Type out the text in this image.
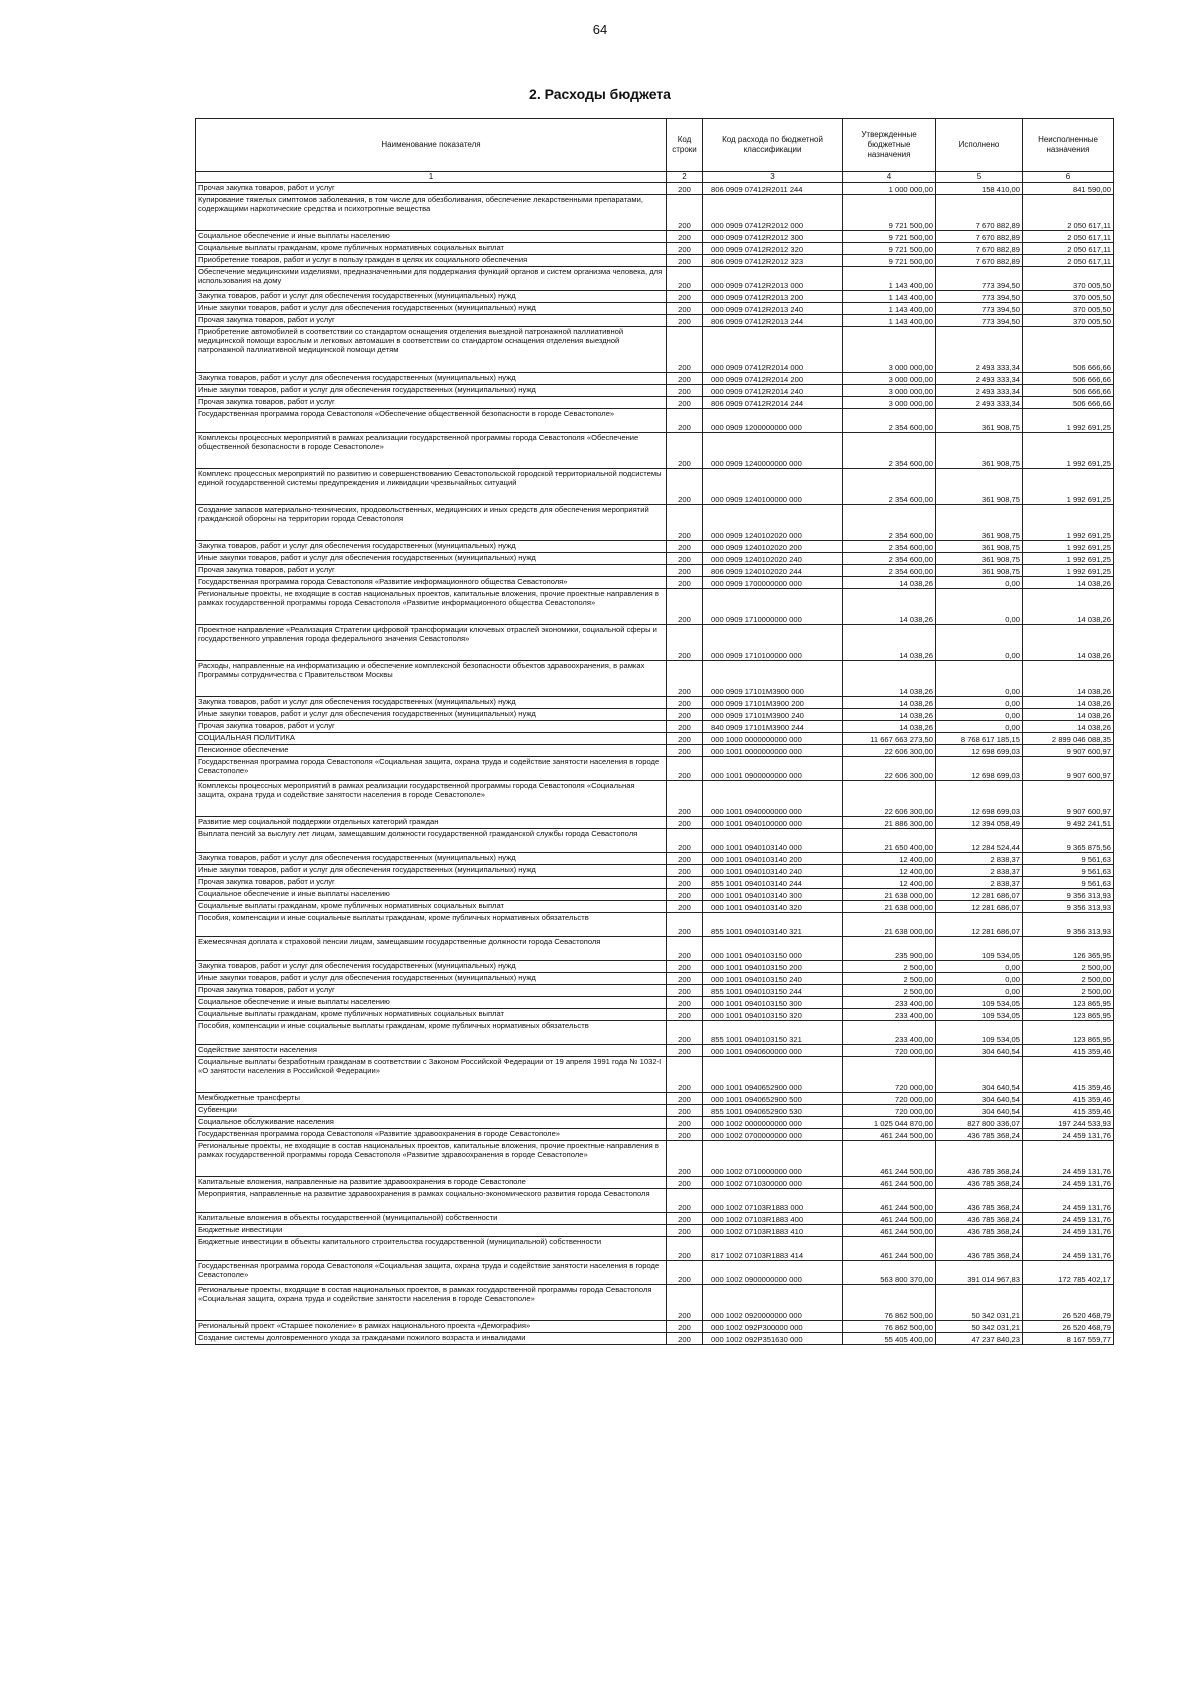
64
2. Расходы бюджета
Наименование показателя	Код строки	Код расхода по бюджетной классификации	Утвержденные бюджетные назначения	Исполнено	Неисполненные назначения
1	2	3	4	5	6
Прочая закупка товаров, работ и услуг	200	806 0909 07412R2011 244	1 000 000,00	158 410,00	841 590,00
Купирование тяжелых симптомов заболевания, в том числе для обезболивания, обеспечение лекарственными препаратами, содержащими наркотические средства и психотропные вещества	200	000 0909 07412R2012 000	9 721 500,00	7 670 882,89	2 050 617,11
Социальное обеспечение и иные выплаты населению	200	000 0909 07412R2012 300	9 721 500,00	7 670 882,89	2 050 617,11
Социальные выплаты гражданам, кроме публичных нормативных социальных выплат	200	000 0909 07412R2012 320	9 721 500,00	7 670 882,89	2 050 617,11
Приобретение товаров, работ и услуг в пользу граждан в целях их социального обеспечения	200	806 0909 07412R2012 323	9 721 500,00	7 670 882,89	2 050 617,11
Обеспечение медицинскими изделиями, предназначенными для поддержания функций органов и систем организма человека, для использования на дому	200	000 0909 07412R2013 000	1 143 400,00	773 394,50	370 005,50
Закупка товаров, работ и услуг для обеспечения государственных (муниципальных) нужд	200	000 0909 07412R2013 200	1 143 400,00	773 394,50	370 005,50
Иные закупки товаров, работ и услуг для обеспечения государственных (муниципальных) нужд	200	000 0909 07412R2013 240	1 143 400,00	773 394,50	370 005,50
Прочая закупка товаров, работ и услуг	200	806 0909 07412R2013 244	1 143 400,00	773 394,50	370 005,50
Приобретение автомобилей в соответствии со стандартом оснащения отделения выездной патронажной паллиативной медицинской помощи взрослым и легковых автомашин в соответствии со стандартом оснащения отделения выездной патронажной паллиативной медицинской помощи детям	200	000 0909 07412R2014 000	3 000 000,00	2 493 333,34	506 666,66
Закупка товаров, работ и услуг для обеспечения государственных (муниципальных) нужд	200	000 0909 07412R2014 200	3 000 000,00	2 493 333,34	506 666,66
Иные закупки товаров, работ и услуг для обеспечения государственных (муниципальных) нужд	200	000 0909 07412R2014 240	3 000 000,00	2 493 333,34	506 666,66
Прочая закупка товаров, работ и услуг	200	806 0909 07412R2014 244	3 000 000,00	2 493 333,34	506 666,66
Государственная программа города Севастополя «Обеспечение общественной безопасности в городе Севастополе»	200	000 0909 1200000000 000	2 354 600,00	361 908,75	1 992 691,25
Комплексы процессных мероприятий в рамках реализации государственной программы города Севастополя «Обеспечение общественной безопасности в городе Севастополе»	200	000 0909 1240000000 000	2 354 600,00	361 908,75	1 992 691,25
Комплекс процессных мероприятий по развитию и совершенствованию Севастопольской городской территориальной подсистемы единой государственной системы предупреждения и ликвидации чрезвычайных ситуаций	200	000 0909 1240100000 000	2 354 600,00	361 908,75	1 992 691,25
Создание запасов материально-технических, продовольственных, медицинских и иных средств для обеспечения мероприятий гражданской обороны на территории города Севастополя	200	000 0909 1240102020 000	2 354 600,00	361 908,75	1 992 691,25
Закупка товаров, работ и услуг для обеспечения государственных (муниципальных) нужд	200	000 0909 1240102020 200	2 354 600,00	361 908,75	1 992 691,25
Иные закупки товаров, работ и услуг для обеспечения государственных (муниципальных) нужд	200	000 0909 1240102020 240	2 354 600,00	361 908,75	1 992 691,25
Прочая закупка товаров, работ и услуг	200	806 0909 1240102020 244	2 354 600,00	361 908,75	1 992 691,25
Государственная программа города Севастополя «Развитие информационного общества Севастополя»	200	000 0909 1700000000 000	14 038,26	0,00	14 038,26
Региональные проекты, не входящие в состав национальных проектов, капитальные вложения, прочие проектные направления в рамках государственной программы города Севастополя «Развитие информационного общества Севастополя»	200	000 0909 1710000000 000	14 038,26	0,00	14 038,26
Проектное направление «Реализация Стратегии цифровой трансформации ключевых отраслей экономики, социальной сферы и государственного управления города федерального значения Севастополя»	200	000 0909 1710100000 000	14 038,26	0,00	14 038,26
Расходы, направленные на информатизацию и обеспечение комплексной безопасности объектов здравоохранения, в рамках Программы сотрудничества с Правительством Москвы	200	000 0909 17101М3900 000	14 038,26	0,00	14 038,26
Закупка товаров, работ и услуг для обеспечения государственных (муниципальных) нужд	200	000 0909 17101М3900 200	14 038,26	0,00	14 038,26
Иные закупки товаров, работ и услуг для обеспечения государственных (муниципальных) нужд	200	000 0909 17101М3900 240	14 038,26	0,00	14 038,26
Прочая закупка товаров, работ и услуг	200	840 0909 17101М3900 244	14 038,26	0,00	14 038,26
СОЦИАЛЬНАЯ ПОЛИТИКА	200	000 1000 0000000000 000	11 667 663 273,50	8 768 617 185,15	2 899 046 088,35
Пенсионное обеспечение	200	000 1001 0000000000 000	22 606 300,00	12 698 699,03	9 907 600,97
Государственная программа города Севастополя «Социальная защита, охрана труда и содействие занятости населения в городе Севастополе»	200	000 1001 0900000000 000	22 606 300,00	12 698 699,03	9 907 600,97
Комплексы процессных мероприятий в рамках реализации государственной программы города Севастополя «Социальная защита, охрана труда и содействие занятости населения в городе Севастополе»	200	000 1001 0940000000 000	22 606 300,00	12 698 699,03	9 907 600,97
Развитие мер социальной поддержки отдельных категорий граждан	200	000 1001 0940100000 000	21 886 300,00	12 394 058,49	9 492 241,51
Выплата пенсий за выслугу лет лицам, замещавшим должности государственной гражданской службы города Севастополя	200	000 1001 0940103140 000	21 650 400,00	12 284 524,44	9 365 875,56
Закупка товаров, работ и услуг для обеспечения государственных (муниципальных) нужд	200	000 1001 0940103140 200	12 400,00	2 838,37	9 561,63
Иные закупки товаров, работ и услуг для обеспечения государственных (муниципальных) нужд	200	000 1001 0940103140 240	12 400,00	2 838,37	9 561,63
Прочая закупка товаров, работ и услуг	200	855 1001 0940103140 244	12 400,00	2 838,37	9 561,63
Социальное обеспечение и иные выплаты населению	200	000 1001 0940103140 300	21 638 000,00	12 281 686,07	9 356 313,93
Социальные выплаты гражданам, кроме публичных нормативных социальных выплат	200	000 1001 0940103140 320	21 638 000,00	12 281 686,07	9 356 313,93
Пособия, компенсации и иные социальные выплаты гражданам, кроме публичных нормативных обязательств	200	855 1001 0940103140 321	21 638 000,00	12 281 686,07	9 356 313,93
Ежемесячная доплата к страховой пенсии лицам, замещавшим государственные должности города Севастополя	200	000 1001 0940103150 000	235 900,00	109 534,05	126 365,95
Закупка товаров, работ и услуг для обеспечения государственных (муниципальных) нужд	200	000 1001 0940103150 200	2 500,00	0,00	2 500,00
Иные закупки товаров, работ и услуг для обеспечения государственных (муниципальных) нужд	200	000 1001 0940103150 240	2 500,00	0,00	2 500,00
Прочая закупка товаров, работ и услуг	200	855 1001 0940103150 244	2 500,00	0,00	2 500,00
Социальное обеспечение и иные выплаты населению	200	000 1001 0940103150 300	233 400,00	109 534,05	123 865,95
Социальные выплаты гражданам, кроме публичных нормативных социальных выплат	200	000 1001 0940103150 320	233 400,00	109 534,05	123 865,95
Пособия, компенсации и иные социальные выплаты гражданам, кроме публичных нормативных обязательств	200	855 1001 0940103150 321	233 400,00	109 534,05	123 865,95
Содействие занятости населения	200	000 1001 0940600000 000	720 000,00	304 640,54	415 359,46
Социальные выплаты безработным гражданам в соответствии с Законом Российской Федерации от 19 апреля 1991 года № 1032-I «О занятости населения в Российской Федерации»	200	000 1001 0940652900 000	720 000,00	304 640,54	415 359,46
Межбюджетные трансферты	200	000 1001 0940652900 500	720 000,00	304 640,54	415 359,46
Субвенции	200	855 1001 0940652900 530	720 000,00	304 640,54	415 359,46
Социальное обслуживание населения	200	000 1002 0000000000 000	1 025 044 870,00	827 800 336,07	197 244 533,93
Государственная программа города Севастополя «Развитие здравоохранения в городе Севастополе»	200	000 1002 0700000000 000	461 244 500,00	436 785 368,24	24 459 131,76
Региональные проекты, не входящие в состав национальных проектов, капитальные вложения, прочие проектные направления в рамках государственной программы города Севастополя «Развитие здравоохранения в городе Севастополе»	200	000 1002 0710000000 000	461 244 500,00	436 785 368,24	24 459 131,76
Капитальные вложения, направленные на развитие здравоохранения в городе Севастополе	200	000 1002 0710300000 000	461 244 500,00	436 785 368,24	24 459 131,76
Мероприятия, направленные на развитие здравоохранения в рамках социально-экономического развития города Севастополя	200	000 1002 07103R1883 000	461 244 500,00	436 785 368,24	24 459 131,76
Капитальные вложения в объекты государственной (муниципальной) собственности	200	000 1002 07103R1883 400	461 244 500,00	436 785 368,24	24 459 131,76
Бюджетные инвестиции	200	000 1002 07103R1883 410	461 244 500,00	436 785 368,24	24 459 131,76
Бюджетные инвестиции в объекты капитального строительства государственной (муниципальной) собственности	200	817 1002 07103R1883 414	461 244 500,00	436 785 368,24	24 459 131,76
Государственная программа города Севастополя «Социальная защита, охрана труда и содействие занятости населения в городе Севастополе»	200	000 1002 0900000000 000	563 800 370,00	391 014 967,83	172 785 402,17
Региональные проекты, входящие в состав национальных проектов, в рамках государственной программы города Севастополя «Социальная защита, охрана труда и содействие занятости населения в городе Севастополе»	200	000 1002 0920000000 000	76 862 500,00	50 342 031,21	26 520 468,79
Региональный проект «Старшее поколение» в рамках национального проекта «Демография»	200	000 1002 092Р300000 000	76 862 500,00	50 342 031,21	26 520 468,79
Создание системы долговременного ухода за гражданами пожилого возраста и инвалидами	200	000 1002 092Р351630 000	55 405 400,00	47 237 840,23	8 167 559,77
